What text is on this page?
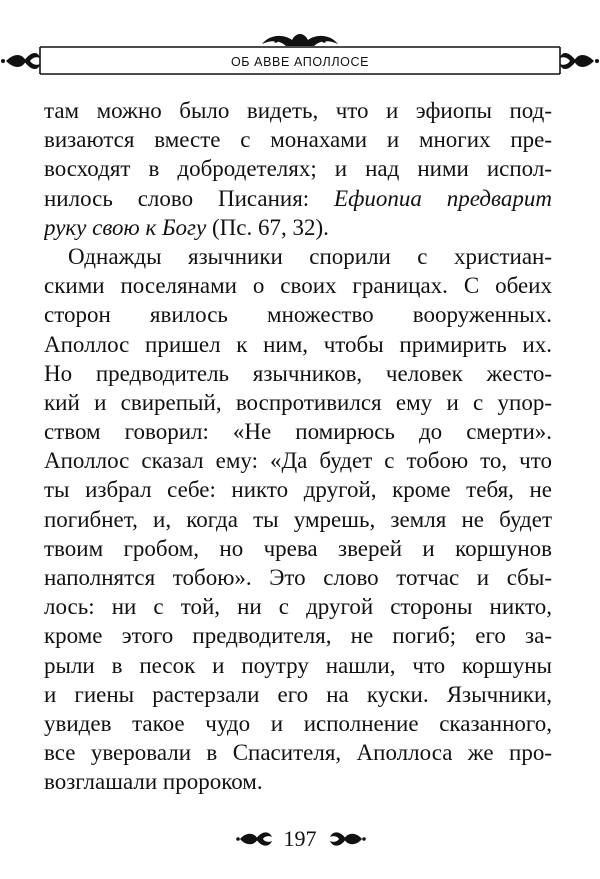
ОБ АВВЕ АПОЛЛОСЕ
там можно было видеть, что и эфиопы под-
визаются вместе с монахами и многих пре-
восходят в добродетелях; и над ними испол-
нилось слово Писания: Ефиопиа предварит
руку свою к Богу (Пс. 67, 32).
Однажды язычники спорили с христиан-
скими поселянами о своих границах. С обеих
сторон явилось множество вооруженных.
Аполлос пришел к ним, чтобы примирить их.
Но предводитель язычников, человек жесто-
кий и свирепый, воспротивился ему и с упор-
ством говорил: «Не помирюсь до смерти».
Аполлос сказал ему: «Да будет с тобою то, что
ты избрал себе: никто другой, кроме тебя, не
погибнет, и, когда ты умрешь, земля не будет
твоим гробом, но чрева зверей и коршунов
наполнятся тобою». Это слово тотчас и сбы-
лось: ни с той, ни с другой стороны никто,
кроме этого предводителя, не погиб; его за-
рыли в песок и поутру нашли, что коршуны
и гиены растерзали его на куски. Язычники,
увидев такое чудо и исполнение сказанного,
все уверовали в Спасителя, Аполлоса же про-
возглашали пророком.
197
